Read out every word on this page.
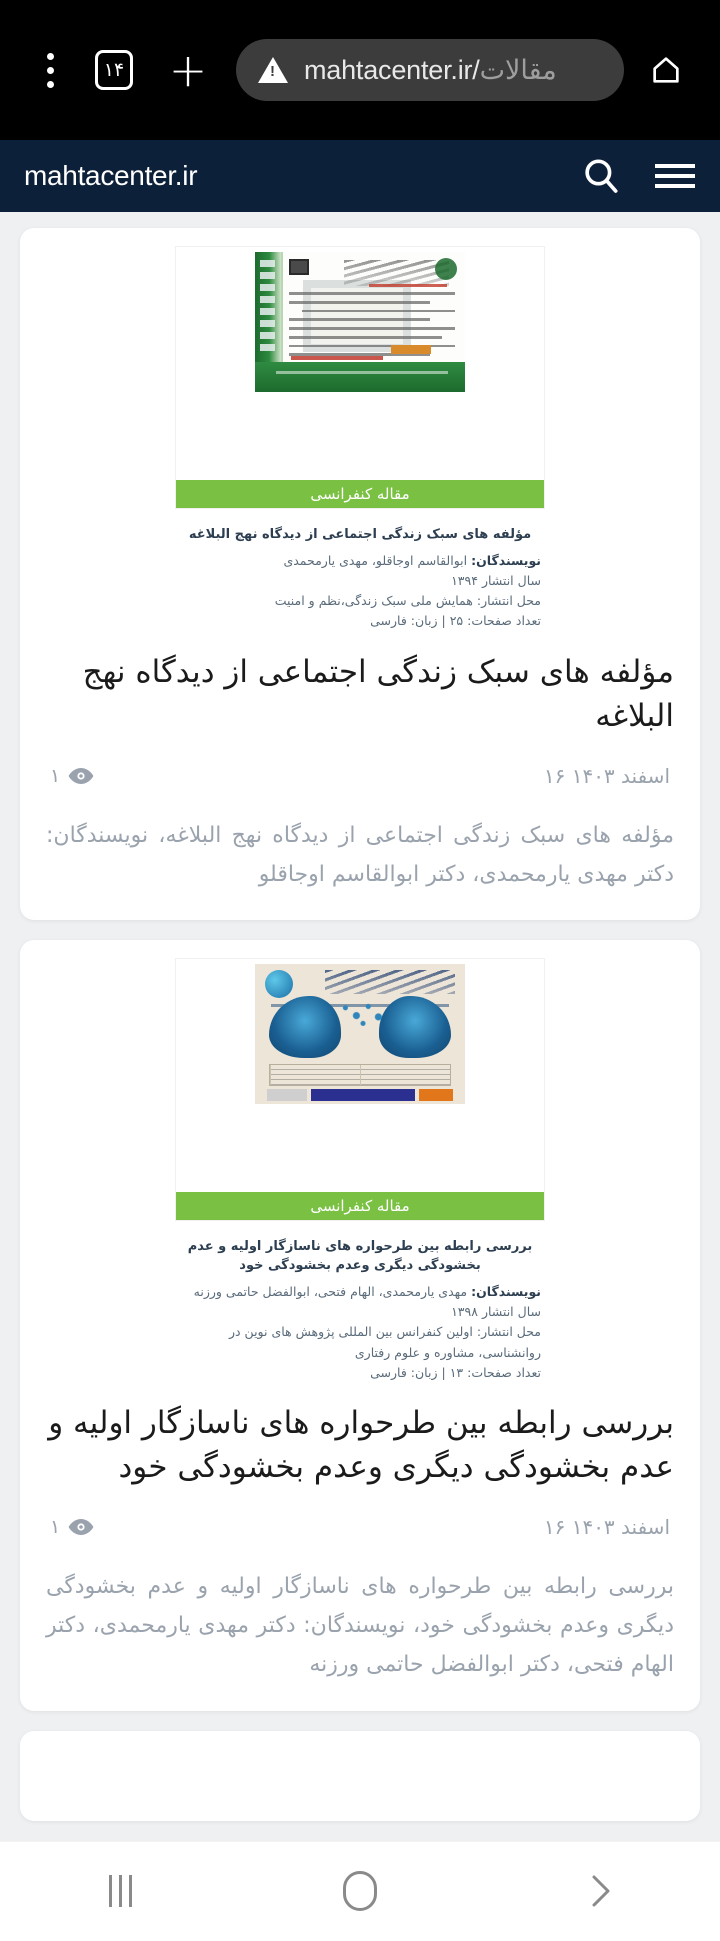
۱۴ + !	mahtacenter.ir/مقالات
mahtacenter.ir
مقاله کنفرانسی
مؤلفه های سبک زندگی اجتماعی از دیدگاه نهج البلاغه
نویسندگان: ابوالقاسم اوجاقلو، مهدی یارمحمدی
سال انتشار ۱۳۹۴
محل انتشار: همایش ملی سبک زندگی،نظم و امنیت
تعداد صفحات: ۲۵ | زبان: فارسی
مؤلفه های سبک زندگی اجتماعی از دیدگاه نهج البلاغه
۱	۱۶ اسفند ۱۴۰۳
مؤلفه های سبک زندگی اجتماعی از دیدگاه نهج البلاغه، نویسندگان: دکتر مهدی یارمحمدی، دکتر ابوالقاسم اوجاقلو
مقاله کنفرانسی
بررسی رابطه بین طرحواره های ناسازگار اولیه و عدم بخشودگی دیگری وعدم بخشودگی خود
نویسندگان: مهدی یارمحمدی، الهام فتحی، ابوالفضل حاتمی ورزنه
سال انتشار ۱۳۹۸
محل انتشار: اولین کنفرانس بین المللی پژوهش های نوین در روانشناسی، مشاوره و علوم رفتاری
تعداد صفحات: ۱۳ | زبان: فارسی
بررسی رابطه بین طرحواره های ناسازگار اولیه و عدم بخشودگی دیگری وعدم بخشودگی خود
۱	۱۶ اسفند ۱۴۰۳
بررسی رابطه بین طرحواره های ناسازگار اولیه و عدم بخشودگی دیگری وعدم بخشودگی خود، نویسندگان: دکتر مهدی یارمحمدی، دکتر الهام فتحی، دکتر ابوالفضل حاتمی ورزنه
